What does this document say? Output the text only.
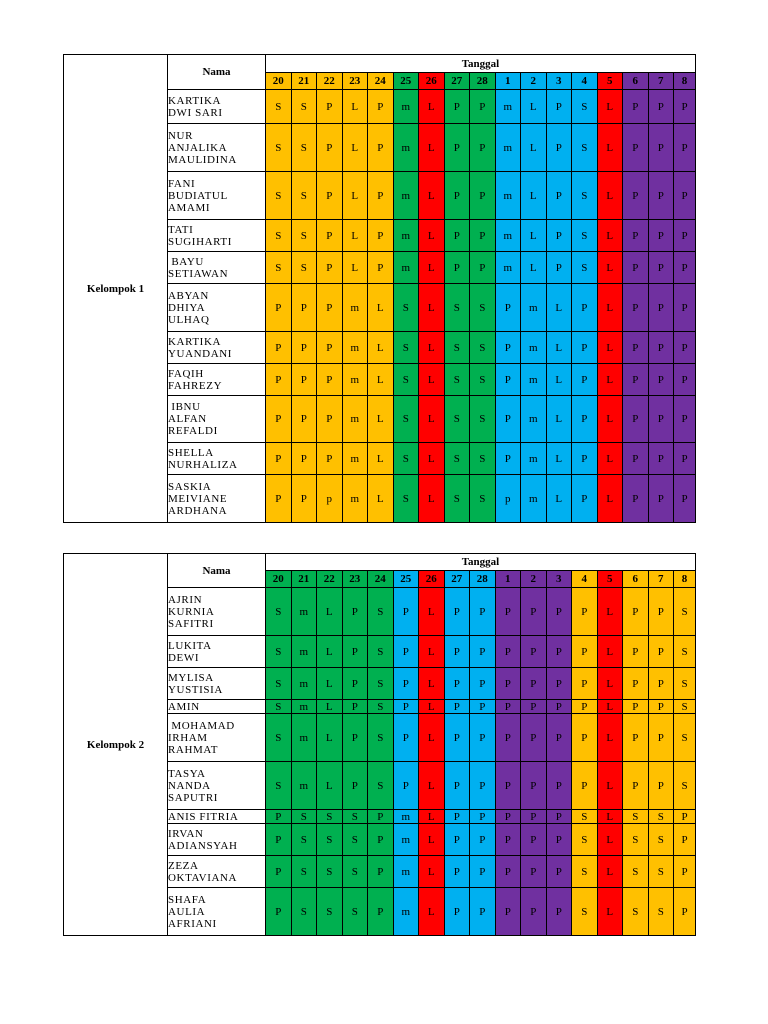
Kelompok 1	Nama	Tanggal																
		20	21	22	23	24	25	26	27	28	1	2	3	4	5	6	7	8
	KARTIKA
DWI SARI	S	S	P	L	P	m	L	P	P	m	L	P	S	L	P	P	P
	NUR
ANJALIKA
MAULIDINA	S	S	P	L	P	m	L	P	P	m	L	P	S	L	P	P	P
	FANI
BUDIATUL
AMAMI	S	S	P	L	P	m	L	P	P	m	L	P	S	L	P	P	P
	TATI
SUGIHARTI	S	S	P	L	P	m	L	P	P	m	L	P	S	L	P	P	P
	BAYU
SETIAWAN	S	S	P	L	P	m	L	P	P	m	L	P	S	L	P	P	P
	ABYAN
DHIYA
ULHAQ	P	P	P	m	L	S	L	S	S	P	m	L	P	L	P	P	P
	KARTIKA
YUANDANI	P	P	P	m	L	S	L	S	S	P	m	L	P	L	P	P	P
	FAQIH
FAHREZY	P	P	P	m	L	S	L	S	S	P	m	L	P	L	P	P	P
	IBNU
ALFAN
REFALDI	P	P	P	m	L	S	L	S	S	P	m	L	P	L	P	P	P
	SHELLA
NURHALIZA	P	P	P	m	L	S	L	S	S	P	m	L	P	L	P	P	P
	SASKIA
MEIVIANE
ARDHANA	P	P	p	m	L	S	L	S	S	p	m	L	P	L	P	P	P
Kelompok 2	Nama	Tanggal																
		20	21	22	23	24	25	26	27	28	1	2	3	4	5	6	7	8
	AJRIN
KURNIA
SAFITRI	S	m	L	P	S	P	L	P	P	P	P	P	P	L	P	P	S
	LUKITA
DEWI	S	m	L	P	S	P	L	P	P	P	P	P	P	L	P	P	S
	MYLISA
YUSTISIA	S	m	L	P	S	P	L	P	P	P	P	P	P	L	P	P	S
	AMIN	S	m	L	P	S	P	L	P	P	P	P	P	P	L	P	P	S
	MOHAMAD
IRHAM
RAHMAT	S	m	L	P	S	P	L	P	P	P	P	P	P	L	P	P	S
	TASYA
NANDA
SAPUTRI	S	m	L	P	S	P	L	P	P	P	P	P	P	L	P	P	S
	ANIS FITRIA	P	S	S	S	P	m	L	P	P	P	P	P	S	L	S	S	P
	IRVAN
ADIANSYAH	P	S	S	S	P	m	L	P	P	P	P	P	S	L	S	S	P
	ZEZA
OKTAVIANA	P	S	S	S	P	m	L	P	P	P	P	P	S	L	S	S	P
	SHAFA
AULIA
AFRIANI	P	S	S	S	P	m	L	P	P	P	P	P	S	L	S	S	P
